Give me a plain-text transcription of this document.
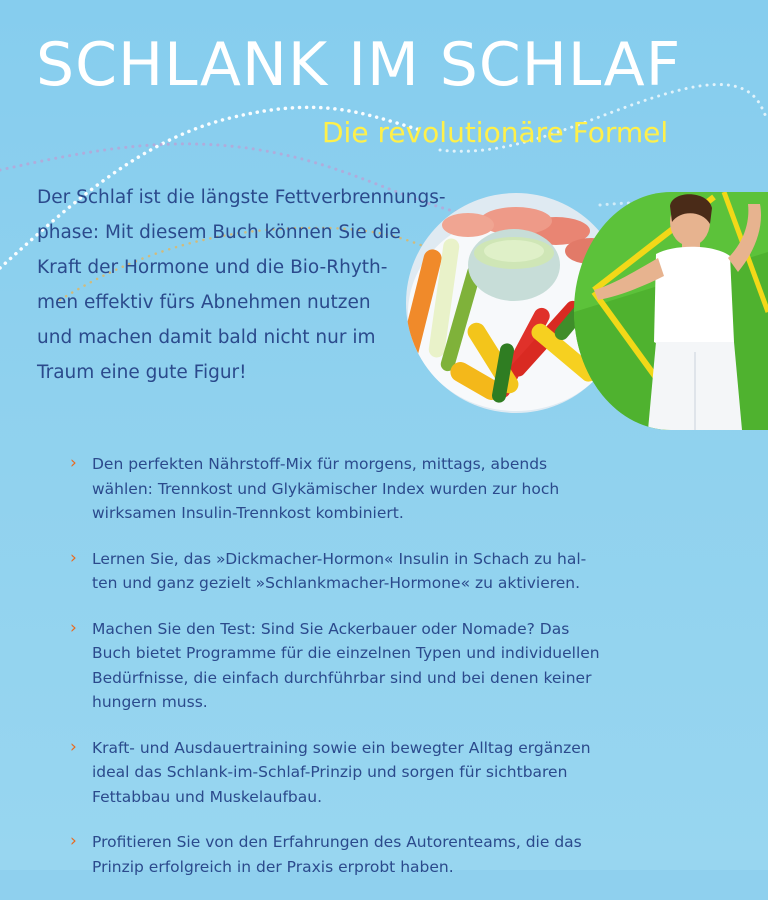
SCHLANK IM SCHLAF
Die revolutionäre Formel
Der Schlaf ist die längste Fettverbrennungs-
phase: Mit diesem Buch können Sie die
Kraft der Hormone und die Bio-Rhyth-
men effektiv fürs Abnehmen nutzen
und machen damit bald nicht nur im
Traum eine gute Figur!
› Den perfekten Nährstoff-Mix für morgens, mittags, abends
wählen: Trennkost und Glykämischer Index wurden zur hoch
wirksamen Insulin-Trennkost kombiniert.
› Lernen Sie, das »Dickmacher-Hormon« Insulin in Schach zu hal-
ten und ganz gezielt »Schlankmacher-Hormone« zu aktivieren.
› Machen Sie den Test: Sind Sie Ackerbauer oder Nomade? Das
Buch bietet Programme für die einzelnen Typen und individuellen
Bedürfnisse, die einfach durchführbar sind und bei denen keiner
hungern muss.
› Kraft- und Ausdauertraining sowie ein bewegter Alltag ergänzen
ideal das Schlank-im-Schlaf-Prinzip und sorgen für sichtbaren
Fettabbau und Muskelaufbau.
› Profitieren Sie von den Erfahrungen des Autorenteams, die das
Prinzip erfolgreich in der Praxis erprobt haben.
